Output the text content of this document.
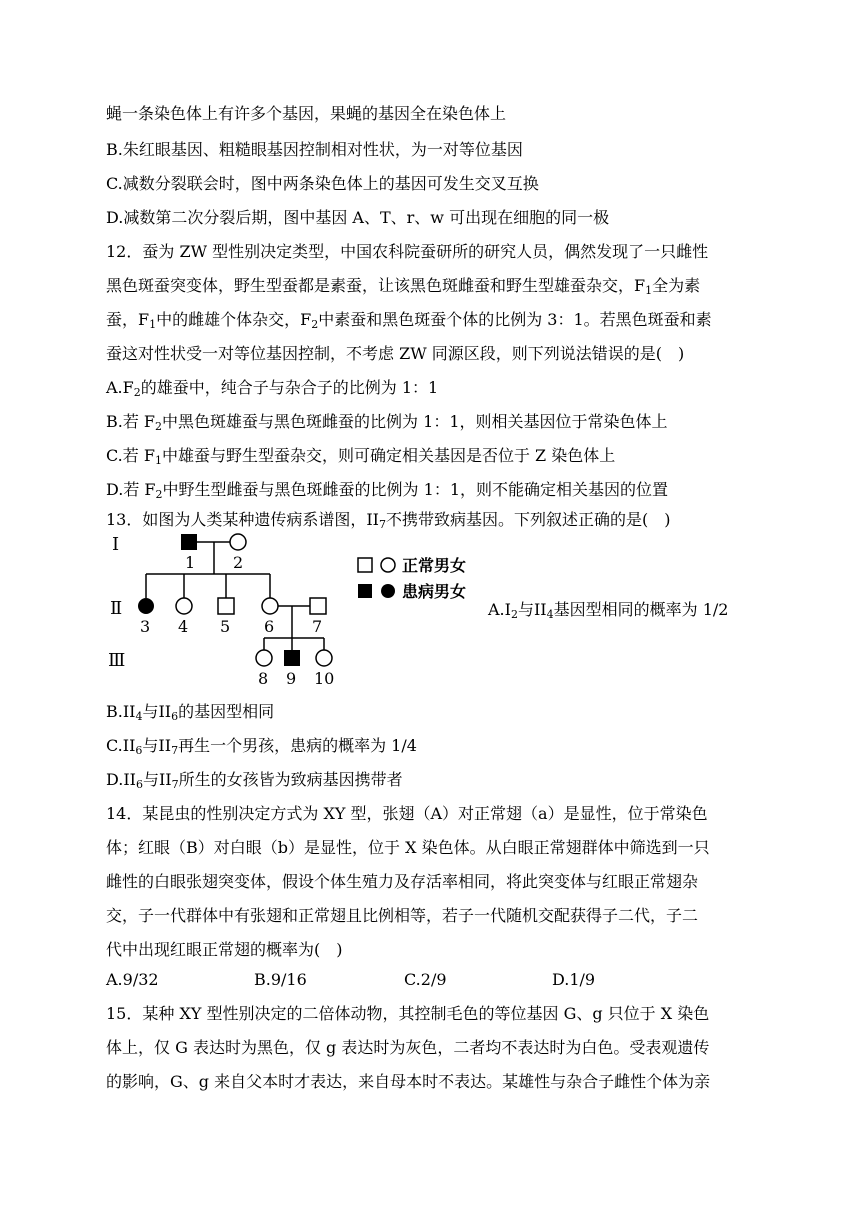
蝇一条染色体上有许多个基因，果蝇的基因全在染色体上
B.朱红眼基因、粗糙眼基因控制相对性状，为一对等位基因
C.减数分裂联会时，图中两条染色体上的基因可发生交叉互换
D.减数第二次分裂后期，图中基因 A、T、r、w 可出现在细胞的同一极
12．蚕为 ZW 型性别决定类型，中国农科院蚕研所的研究人员，偶然发现了一只雌性
黑色斑蚕突变体，野生型蚕都是素蚕，让该黑色斑雌蚕和野生型雄蚕杂交，$F_1$全为素
蚕，$F_1$中的雌雄个体杂交，$F_2$中素蚕和黑色斑蚕个体的比例为 3：1。若黑色斑蚕和素
蚕这对性状受一对等位基因控制，不考虑 ZW 同源区段，则下列说法错误的是(　)
$A.F_2$的雄蚕中，纯合子与杂合子的比例为 1：1
B.若 $F_2$中黑色斑雄蚕与黑色斑雌蚕的比例为 1：1，则相关基因位于常染色体上
C.若 $F_1$中雄蚕与野生型蚕杂交，则可确定相关基因是否位于 Z 染色体上
D.若 $F_2$中野生型雌蚕与黑色斑雌蚕的比例为 1：1，则不能确定相关基因的位置
13．如图为人类某种遗传病系谱图，$II_7$不携带致病基因。下列叙述正确的是(　)
Ⅰ
Ⅱ
Ⅲ
1 2
3 4 5 6 7
8 9 10
正常男女
患病男女
$A.I_2$与$II_4$基因型相同的概率为 1/2
$B.II_4$与$II_6$的基因型相同
$C.II_6$与$II_7$再生一个男孩，患病的概率为 1/4
$D.II_6$与$II_7$所生的女孩皆为致病基因携带者
14．某昆虫的性别决定方式为 XY 型，张翅（A）对正常翅（a）是显性，位于常染色
体；红眼（B）对白眼（b）是显性，位于 X 染色体。从白眼正常翅群体中筛选到一只
雌性的白眼张翅突变体，假设个体生殖力及存活率相同，将此突变体与红眼正常翅杂
交，子一代群体中有张翅和正常翅且比例相等，若子一代随机交配获得子二代，子二
代中出现红眼正常翅的概率为(　)
A.9/32	B.9/16	C.2/9	D.1/9
15．某种 XY 型性别决定的二倍体动物，其控制毛色的等位基因 G、g 只位于 X 染色
体上，仅 G 表达时为黑色，仅 g 表达时为灰色，二者均不表达时为白色。受表观遗传
的影响，G、g 来自父本时才表达，来自母本时不表达。某雄性与杂合子雌性个体为亲
